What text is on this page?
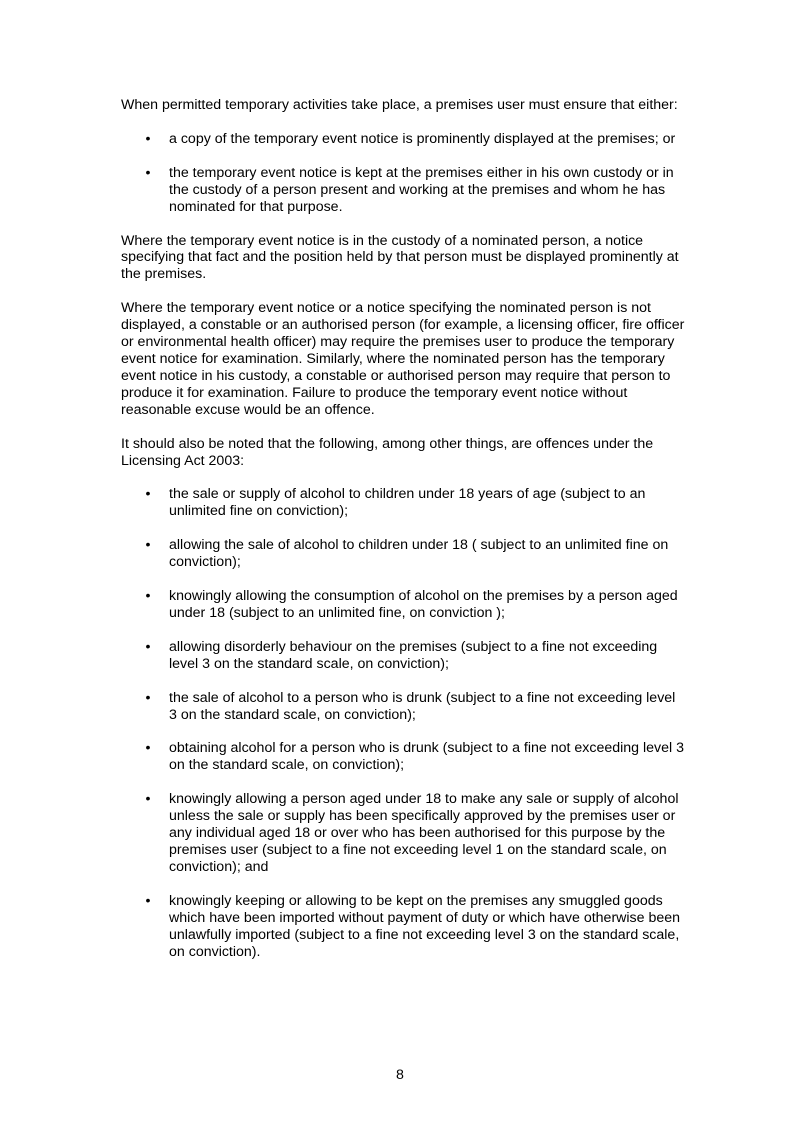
When permitted temporary activities take place, a premises user must ensure that either:

• a copy of the temporary event notice is prominently displayed at the premises; or
• the temporary event notice is kept at the premises either in his own custody or in the custody of a person present and working at the premises and whom he has nominated for that purpose.

Where the temporary event notice is in the custody of a nominated person, a notice specifying that fact and the position held by that person must be displayed prominently at the premises.

Where the temporary event notice or a notice specifying the nominated person is not displayed, a constable or an authorised person (for example, a licensing officer, fire officer or environmental health officer) may require the premises user to produce the temporary event notice for examination. Similarly, where the nominated person has the temporary event notice in his custody, a constable or authorised person may require that person to produce it for examination. Failure to produce the temporary event notice without reasonable excuse would be an offence.

It should also be noted that the following, among other things, are offences under the Licensing Act 2003:

• the sale or supply of alcohol to children under 18 years of age (subject to an unlimited fine on conviction);
• allowing the sale of alcohol to children under 18 ( subject to an unlimited fine on conviction);
• knowingly allowing the consumption of alcohol on the premises by a person aged under 18 (subject to an unlimited fine, on conviction );
• allowing disorderly behaviour on the premises (subject to a fine not exceeding level 3 on the standard scale, on conviction);
• the sale of alcohol to a person who is drunk (subject to a fine not exceeding level 3 on the standard scale, on conviction);
• obtaining alcohol for a person who is drunk (subject to a fine not exceeding level 3 on the standard scale, on conviction);
• knowingly allowing a person aged under 18 to make any sale or supply of alcohol unless the sale or supply has been specifically approved by the premises user or any individual aged 18 or over who has been authorised for this purpose by the premises user (subject to a fine not exceeding level 1 on the standard scale, on conviction); and
• knowingly keeping or allowing to be kept on the premises any smuggled goods which have been imported without payment of duty or which have otherwise been unlawfully imported (subject to a fine not exceeding level 3 on the standard scale, on conviction).
8
